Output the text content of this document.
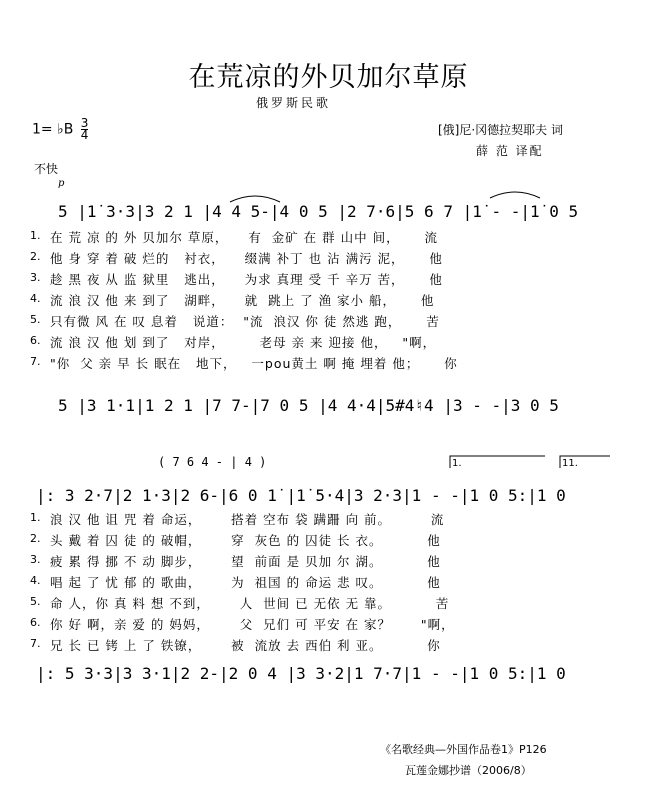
在荒凉的外贝加尔草原
俄罗斯民歌
1= ♭B $\frac{3}{4}$	[俄]尼·冈德拉契耶夫 词
薛 范 译配
不快
p
5 |1̇ 3·3|3 2 1 |4 4 5-|4 0 5 |2 7·6|5 6 7 |1̇ - -|1̇ 0 5
1. 在 荒 凉 的 外 贝加尔 草原，    有  金矿 在 群 山中 间，     流
2. 他 身 穿 着 破 烂的   衬衣，    缀满 补丁 也 沾 满污 泥，     他
3. 趁 黑 夜 从 监 狱里   逃出，    为求 真理 受 千 辛万 苦，     他
4. 流 浪 汉 他 来 到了   湖畔，    就  跳上 了 渔 家小 船，     他
5. 只有微 风 在 叹 息着   说道：  "流  浪汉 你 徒 然逃 跑，     苦
6. 流 浪 汉 他 划 到了   对岸，       老母 亲 来 迎接 他，   "啊，
7. "你  父 亲 早 长 眠在   地下，   一pou黄土 啊 掩 埋着 他；     你
5 |3 1·1|1 2 1 |7 7-|7 0 5 |4 4·4|5#4♮4 |3 - -|3 0 5
( 7 6 4 - | 4 )	1.	11.
|: 3 2·7|2 1·3|2 6-|6 0 1̇ |1̇ 5·4|3 2·3|1 - -|1 0 5:|1 0
1. 浪 汉 他 诅 咒 着 命运，      搭着 空布 袋 蹒跚 向 前。        流
2. 头 戴 着 囚 徒 的 破帽，      穿  灰色 的 囚徒 长 衣。         他
3. 疲 累 得 挪 不 动 脚步，      望  前面 是 贝加 尔 湖。         他
4. 唱 起 了 忧 郁 的 歌曲，      为  祖国 的 命运 悲 叹。         他
5. 命 人，你 真 料 想 不到，      人  世间 已 无依 无 靠。         苦
6. 你 好 啊，亲 爱 的 妈妈，      父  兄们 可 平安 在 家？      "啊，
7. 兄 长 已 铐 上 了 铁镣，      被  流放 去 西伯 利 亚。         你
|: 5 3·3|3 3·1|2 2-|2 0 4 |3 3·2|1 7·7|1 - -|1 0 5:|1 0
《名歌经典—外国作品卷1》P126
瓦莲金娜抄谱（2006/8）
